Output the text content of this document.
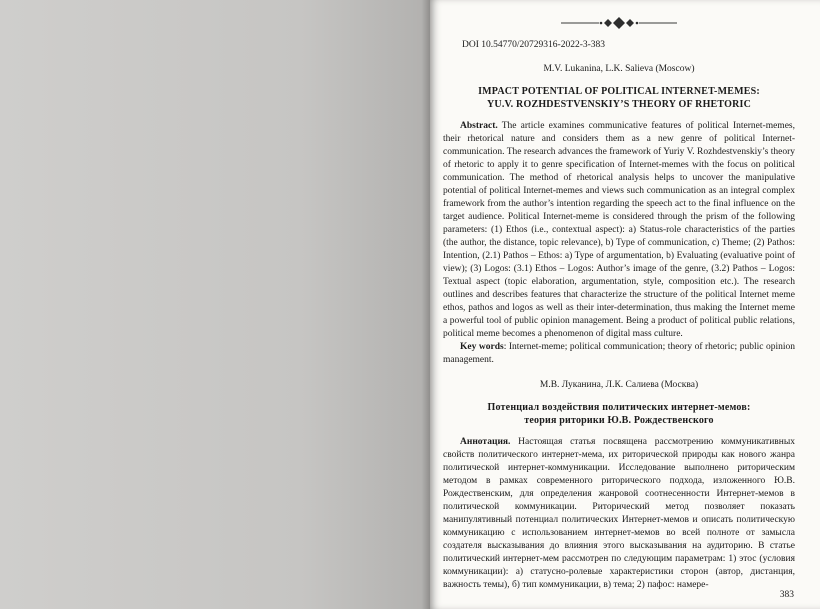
DOI 10.54770/20729316-2022-3-383

M.V. Lukanina, L.K. Salieva (Moscow)

IMPACT POTENTIAL OF POLITICAL INTERNET-MEMES:
YU.V. ROZHDESTVENSKIY’S THEORY OF RHETORIC

Abstract. The article examines communicative features of political Internet-memes, their rhetorical nature and considers them as a new genre of political Internet-communication. The research advances the framework of Yuriy V. Rozhdestvenskiy’s theory of rhetoric to apply it to genre specification of Internet-memes with the focus on political communication. The method of rhetorical analysis helps to uncover the manipulative potential of political Internet-memes and views such communication as an integral complex framework from the author’s intention regarding the speech act to the final influence on the target audience. Political Internet-meme is considered through the prism of the following parameters: (1) Ethos (i.e., contextual aspect): a) Status-role characteristics of the parties (the author, the distance, topic relevance), b) Type of communication, c) Theme; (2) Pathos: Intention, (2.1) Pathos – Ethos: a) Type of argumentation, b) Evaluating (evaluative point of view); (3) Logos: (3.1) Ethos – Logos: Author’s image of the genre, (3.2) Pathos – Logos: Textual aspect (topic elaboration, argumentation, style, composition etc.). The research outlines and describes features that characterize the structure of the political Internet meme ethos, pathos and logos as well as their inter-determination, thus making the Internet meme a powerful tool of public opinion management. Being a product of political public relations, political meme becomes a phenomenon of digital mass culture.

Key words: Internet-meme; political communication; theory of rhetoric; public opinion management.

М.В. Луканина, Л.К. Салиева (Москва)

Потенциал воздействия политических интернет-мемов:
теория риторики Ю.В. Рождественского

Аннотация. Настоящая статья посвящена рассмотрению коммуникативных свойств политического интернет-мема, их риторической природы как нового жанра политической интернет-коммуникации. Исследование выполнено риторическим методом в рамках современного риторического подхода, изложенного Ю.В. Рождественским, для определения жанровой соотнесенности Интернет-мемов в политической коммуникации. Риторический метод позволяет показать манипулятивный потенциал политических Интернет-мемов и описать политическую коммуникацию с использованием интернет-мемов во всей полноте от замысла создателя высказывания до влияния этого высказывания на аудиторию. В статье политический интернет-мем рассмотрен по следующим параметрам: 1) этос (условия коммуникации): а) статусно-ролевые характеристики сторон (автор, дистанция, важность темы), б) тип коммуникации, в) тема; 2) пафос: намере-

383
